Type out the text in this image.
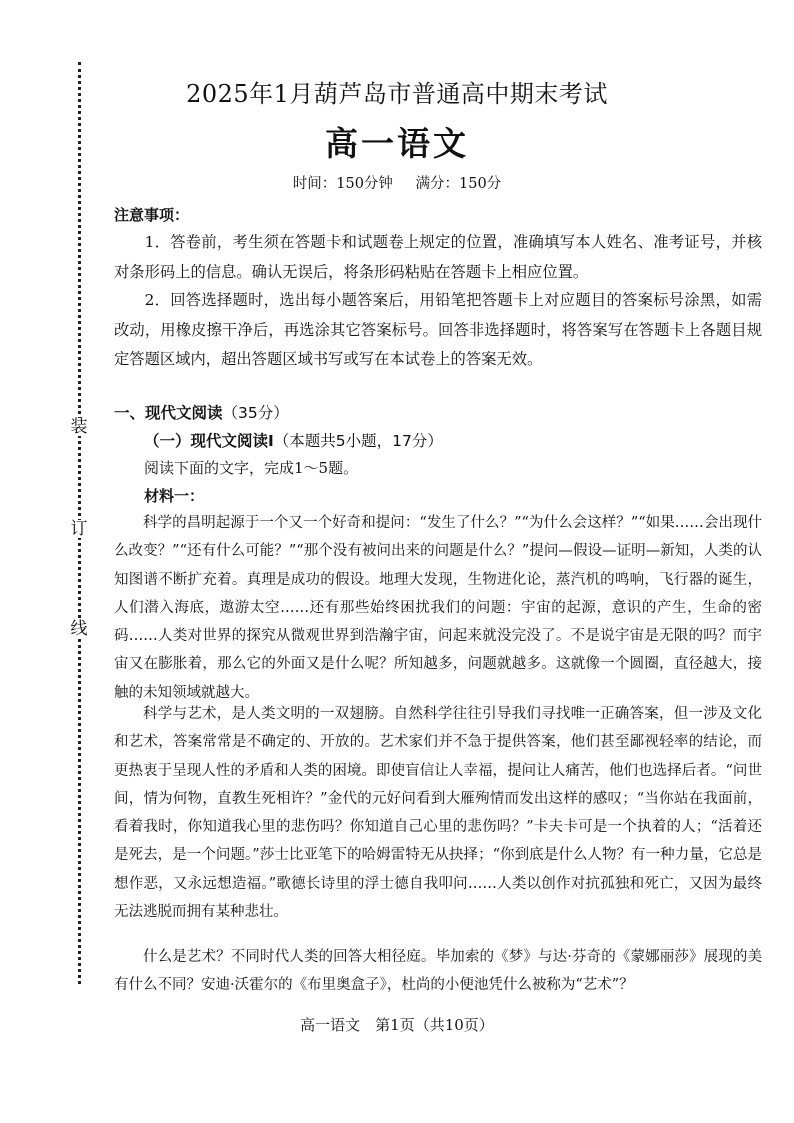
装
订
线
2025年1月葫芦岛市普通高中期末考试
高一语文
时间：150分钟 满分：150分
注意事项：
1．答卷前，考生须在答题卡和试题卷上规定的位置，准确填写本人姓名、准考证号，并核对条形码上的信息。确认无误后，将条形码粘贴在答题卡上相应位置。
2．回答选择题时，选出每小题答案后，用铅笔把答题卡上对应题目的答案标号涂黑，如需改动，用橡皮擦干净后，再选涂其它答案标号。回答非选择题时，将答案写在答题卡上各题目规定答题区域内，超出答题区域书写或写在本试卷上的答案无效。
一、现代文阅读（35分）
（一）现代文阅读Ⅰ（本题共5小题，17分）
阅读下面的文字，完成1～5题。
材料一：
科学的昌明起源于一个又一个好奇和提问：“发生了什么？”“为什么会这样？”“如果……会出现什么改变？”“还有什么可能？”“那个没有被问出来的问题是什么？”提问—假设—证明—新知，人类的认知图谱不断扩充着。真理是成功的假设。地理大发现，生物进化论，蒸汽机的鸣响，飞行器的诞生，人们潜入海底，遨游太空……还有那些始终困扰我们的问题：宇宙的起源，意识的产生，生命的密码……人类对世界的探究从微观世界到浩瀚宇宙，问起来就没完没了。不是说宇宙是无限的吗？而宇宙又在膨胀着，那么它的外面又是什么呢？所知越多，问题就越多。这就像一个圆圈，直径越大，接触的未知领域就越大。
科学与艺术，是人类文明的一双翅膀。自然科学往往引导我们寻找唯一正确答案，但一涉及文化和艺术，答案常常是不确定的、开放的。艺术家们并不急于提供答案，他们甚至鄙视轻率的结论，而更热衷于呈现人性的矛盾和人类的困境。即使盲信让人幸福，提问让人痛苦，他们也选择后者。“问世间，情为何物，直教生死相许？”金代的元好问看到大雁殉情而发出这样的感叹；“当你站在我面前，看着我时，你知道我心里的悲伤吗？你知道自己心里的悲伤吗？”卡夫卡可是一个执着的人；“活着还是死去，是一个问题。”莎士比亚笔下的哈姆雷特无从抉择；“你到底是什么人物？有一种力量，它总是想作恶，又永远想造福。”歌德长诗里的浮士德自我叩问……人类以创作对抗孤独和死亡，又因为最终无法逃脱而拥有某种悲壮。
什么是艺术？不同时代人类的回答大相径庭。毕加索的《梦》与达·芬奇的《蒙娜丽莎》展现的美有什么不同？安迪·沃霍尔的《布里奥盒子》，杜尚的小便池凭什么被称为“艺术”？
高一语文　第1页（共10页）
